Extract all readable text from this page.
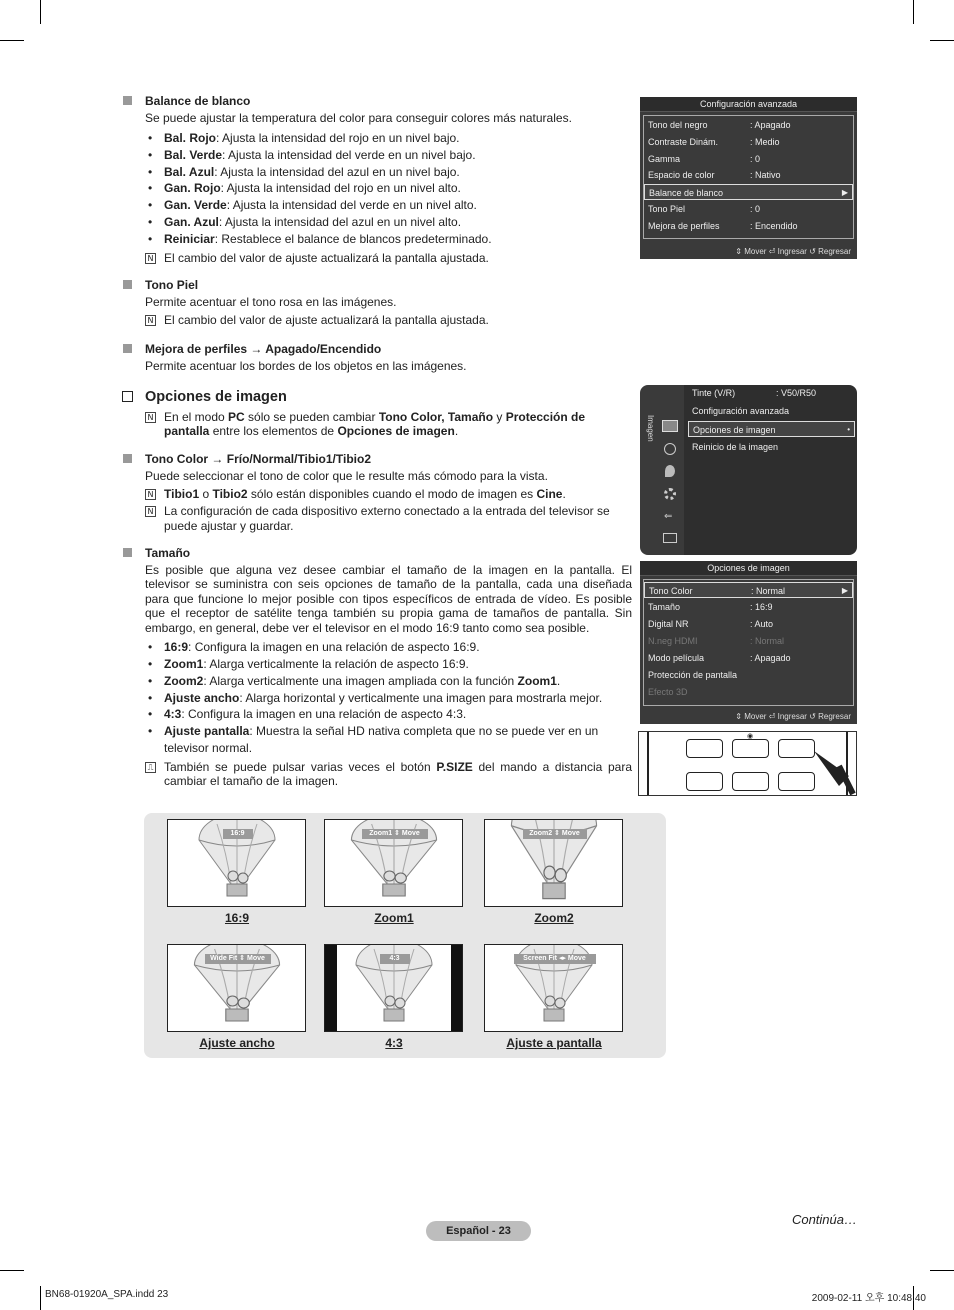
Balance de blanco

Se puede ajustar la temperatura del color para conseguir colores más naturales.

• Bal. Rojo: Ajusta la intensidad del rojo en un nivel bajo.
• Bal. Verde: Ajusta la intensidad del verde en un nivel bajo.
• Bal. Azul: Ajusta la intensidad del azul en un nivel bajo.
• Gan. Rojo: Ajusta la intensidad del rojo en un nivel alto.
• Gan. Verde: Ajusta la intensidad del verde en un nivel alto.
• Gan. Azul: Ajusta la intensidad del azul en un nivel alto.
• Reiniciar: Restablece el balance de blancos predeterminado.
N El cambio del valor de ajuste actualizará la pantalla ajustada.
Tono Piel

Permite acentuar el tono rosa en las imágenes.

N El cambio del valor de ajuste actualizará la pantalla ajustada.
Mejora de perfiles → Apagado/Encendido

Permite acentuar los bordes de los objetos en las imágenes.

Opciones de imagen
N En el modo PC sólo se pueden cambiar Tono Color, Tamaño y Protección de pantalla entre los elementos de Opciones de imagen.
Tono Color → Frío/Normal/Tibio1/Tibio2

Puede seleccionar el tono de color que le resulte más cómodo para la vista.

N Tibio1 o Tibio2 sólo están disponibles cuando el modo de imagen es Cine.
N La configuración de cada dispositivo externo conectado a la entrada del televisor se puede ajustar y guardar.
Tamaño

Es posible que alguna vez desee cambiar el tamaño de la imagen en la pantalla. El televisor se suministra con seis opciones de tamaño de la pantalla, cada una diseñada para que funcione lo mejor posible con tipos específicos de entrada de vídeo. Es posible que el receptor de satélite tenga también su propia gama de tamaños de pantalla. Sin embargo, en general, debe ver el televisor en el modo 16:9 tanto como sea posible.

• 16:9: Configura la imagen en una relación de aspecto 16:9.
• Zoom1: Alarga verticalmente la relación de aspecto 16:9.
• Zoom2: Alarga verticalmente una imagen ampliada con la función Zoom1.
• Ajuste ancho: Alarga horizontal y verticalmente una imagen para mostrarla mejor.
• 4:3: Configura la imagen en una relación de aspecto 4:3.
• Ajuste pantalla: Muestra la señal HD nativa completa que no se puede ver en un televisor normal.
⎍ También se puede pulsar varias veces el botón P.SIZE del mando a distancia para cambiar el tamaño de la imagen.
Configuración avanzada
Tono del negro	: Apagado
Contraste Dinám.	: Medio
Gamma	: 0
Espacio de color	: Nativo
Balance de blanco	▶
Tono Piel	: 0
Mejora de perfiles	: Encendido
⇕ Mover ⏎ Ingresar ↺ Regresar
Imagen
⇐
Tinte (V/R)	: V50/R50
Configuración avanzada
Opciones de imagen	•
Reinicio de la imagen
Opciones de imagen
Tono Color	: Normal	▶
Tamaño	: 16:9
Digital NR	: Auto
N.neg HDMI	: Normal
Modo película	: Apagado
Protección de pantalla
Efecto 3D
⇕ Mover ⏎ Ingresar ↺ Regresar
◉
16:9
16:9
Zoom1 ⇕ Move
Zoom1
Zoom2 ⇕ Move
Zoom2
Wide Fit ⇕ Move
Ajuste ancho
4:3
4:3
Screen Fit ◂▸ Move
Ajuste a pantalla
Continúa…
Español - 23
BN68-01920A_SPA.indd 23	2009-02-11 오후 10:48:40
